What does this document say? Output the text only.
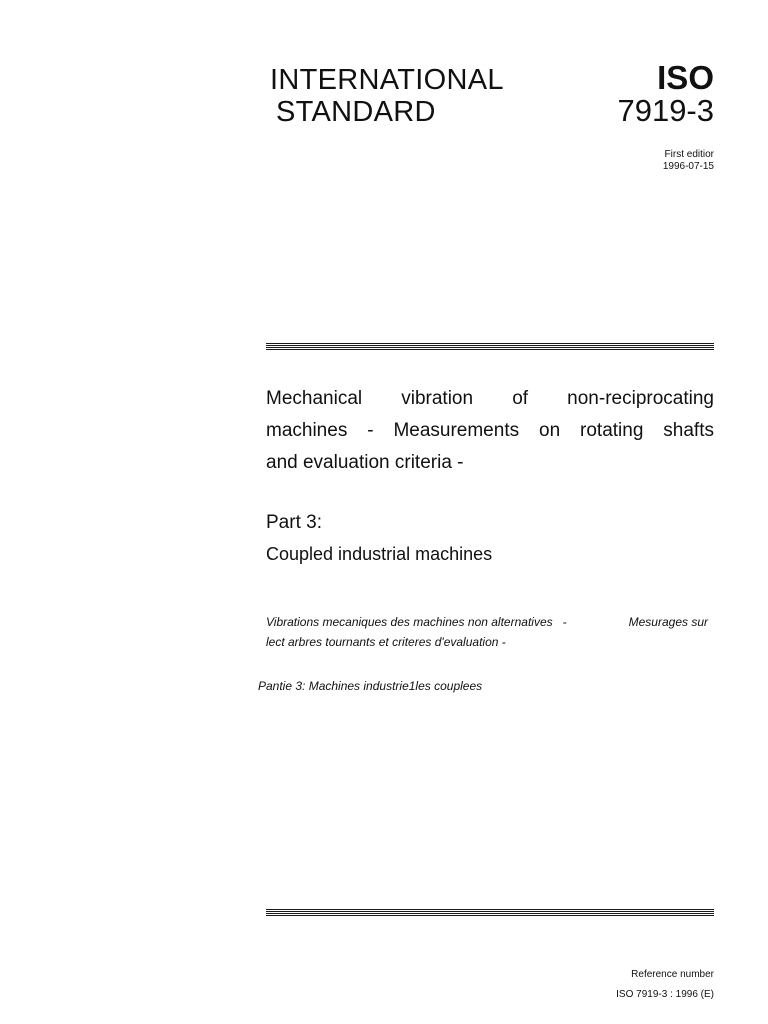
INTERNATIONAL
STANDARD
ISO
7919-3
First editior
1996-07-15
Mechanical vibration of non-reciprocating
machines - Measurements on rotating shafts
and evaluation criteria -
Part 3:
Coupled industrial machines
Vibrations mecaniques des machines non alternatives   -	Mesurages sur
lect arbres tournants et criteres d'evaluation -
Pantie 3: Machines industrie1les couplees
Reference number
ISO 7919-3 : 1996 (E)
